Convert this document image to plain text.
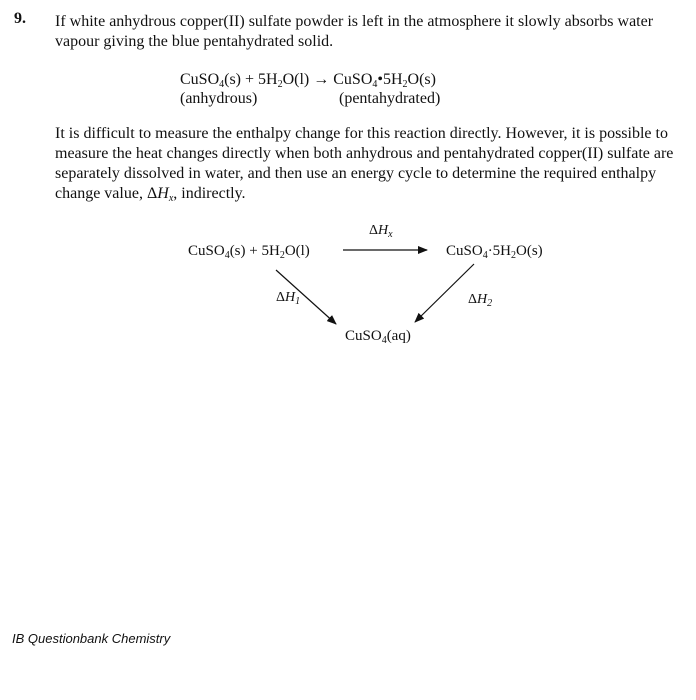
9. If white anhydrous copper(II) sulfate powder is left in the atmosphere it slowly absorbs water
vapour giving the blue pentahydrated solid.
CuSO$_4$(s) + $5H_2O(l)$ → $CuSO_4•5H_2O(s)$
(anhydrous)	(pentahydrated)
It is difficult to measure the enthalpy change for this reaction directly. However, it is possible to
measure the heat changes directly when both anhydrous and pentahydrated copper(II) sulfate are
separately dissolved in water, and then use an energy cycle to determine the required enthalpy
change value, $\Delta H_x$, indirectly.
CuSO$_4$(s) + $5H_2O(l)$	$CuSO_4\cdot 5H_2O(s)$
CuSO$_4$(aq)
$\Delta H_x$
$\Delta H_1$	$\Delta H_2$
IB Questionbank Chemistry
